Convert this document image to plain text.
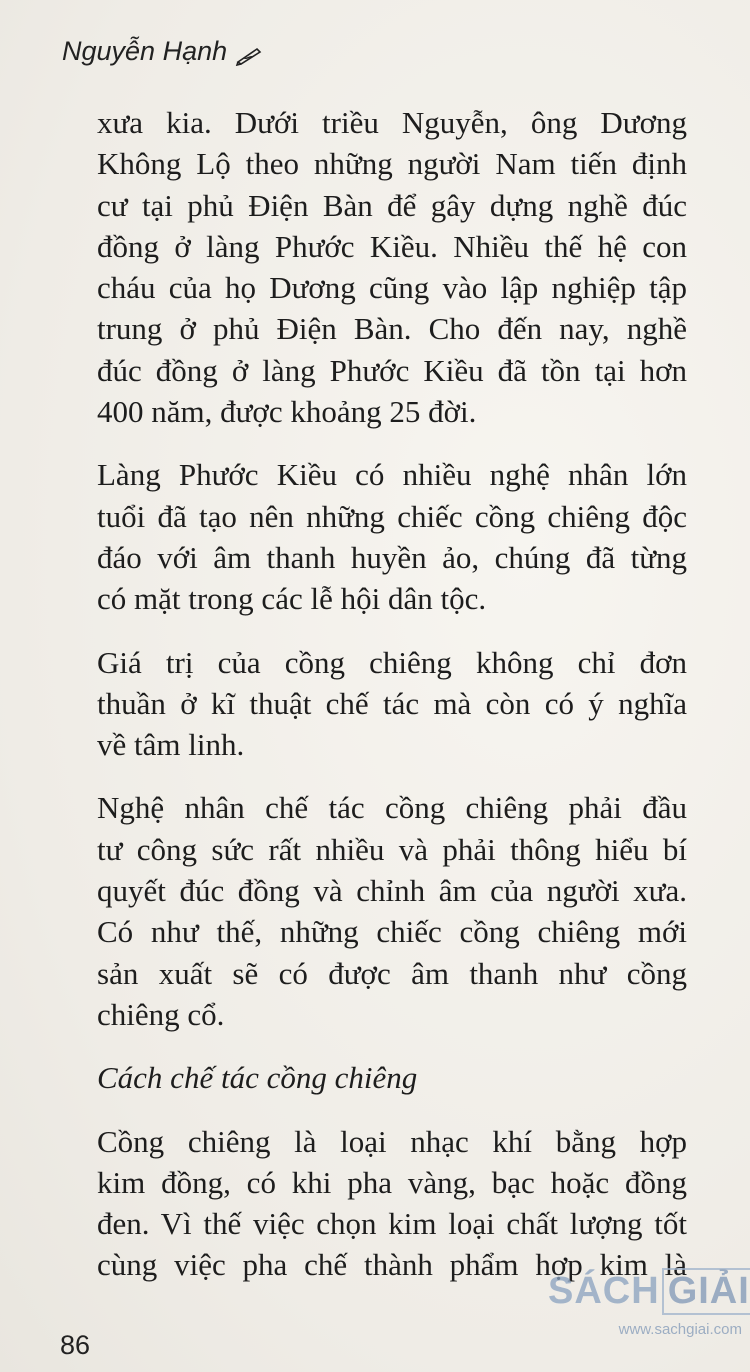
Nguyễn Hạnh
xưa kia. Dưới triều Nguyễn, ông Dương
Không Lộ theo những người Nam tiến định
cư tại phủ Điện Bàn để gây dựng nghề đúc
đồng ở làng Phước Kiều. Nhiều thế hệ con
cháu của họ Dương cũng vào lập nghiệp tập
trung ở phủ Điện Bàn. Cho đến nay, nghề
đúc đồng ở làng Phước Kiều đã tồn tại hơn
400 năm, được khoảng 25 đời.
Làng Phước Kiều có nhiều nghệ nhân lớn
tuổi đã tạo nên những chiếc cồng chiêng độc
đáo với âm thanh huyền ảo, chúng đã từng
có mặt trong các lễ hội dân tộc.
Giá trị của cồng chiêng không chỉ đơn
thuần ở kĩ thuật chế tác mà còn có ý nghĩa
về tâm linh.
Nghệ nhân chế tác cồng chiêng phải đầu
tư công sức rất nhiều và phải thông hiểu bí
quyết đúc đồng và chỉnh âm của người xưa.
Có như thế, những chiếc cồng chiêng mới
sản xuất sẽ có được âm thanh như cồng
chiêng cổ.
Cách chế tác cồng chiêng
Cồng chiêng là loại nhạc khí bằng hợp
kim đồng, có khi pha vàng, bạc hoặc đồng
đen. Vì thế việc chọn kim loại chất lượng tốt
cùng việc pha chế thành phẩm hợp kim là
86
SÁCH GIẢI
www.sachgiai.com
